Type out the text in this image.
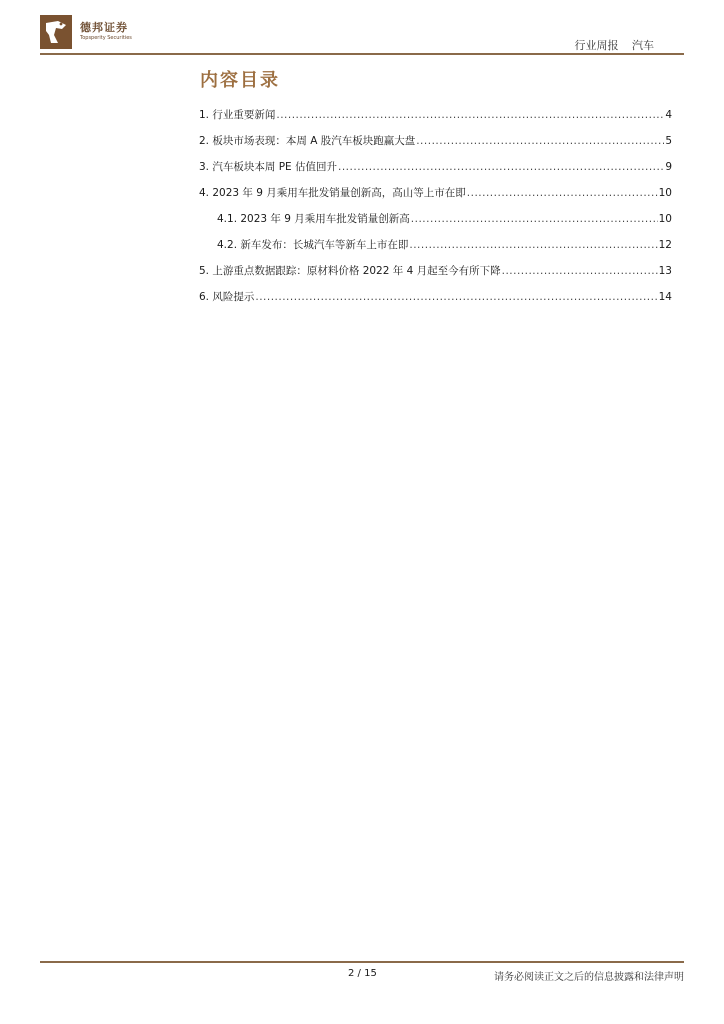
德邦证券
Topsperity Securities
行业周报 汽车
内容目录
1. 行业重要新闻 .....	4
2. 板块市场表现：本周 A 股汽车板块跑赢大盘 .....	5
3. 汽车板块本周 PE 估值回升 .....	9
4. 2023 年 9 月乘用车批发销量创新高，高山等上市在即 .....	10
4.1. 2023 年 9 月乘用车批发销量创新高 .....	10
4.2. 新车发布：长城汽车等新车上市在即 .....	12
5. 上游重点数据跟踪：原材料价格 2022 年 4 月起至今有所下降 .....	13
6. 风险提示 .....	14
2 / 15	请务必阅读正文之后的信息披露和法律声明
